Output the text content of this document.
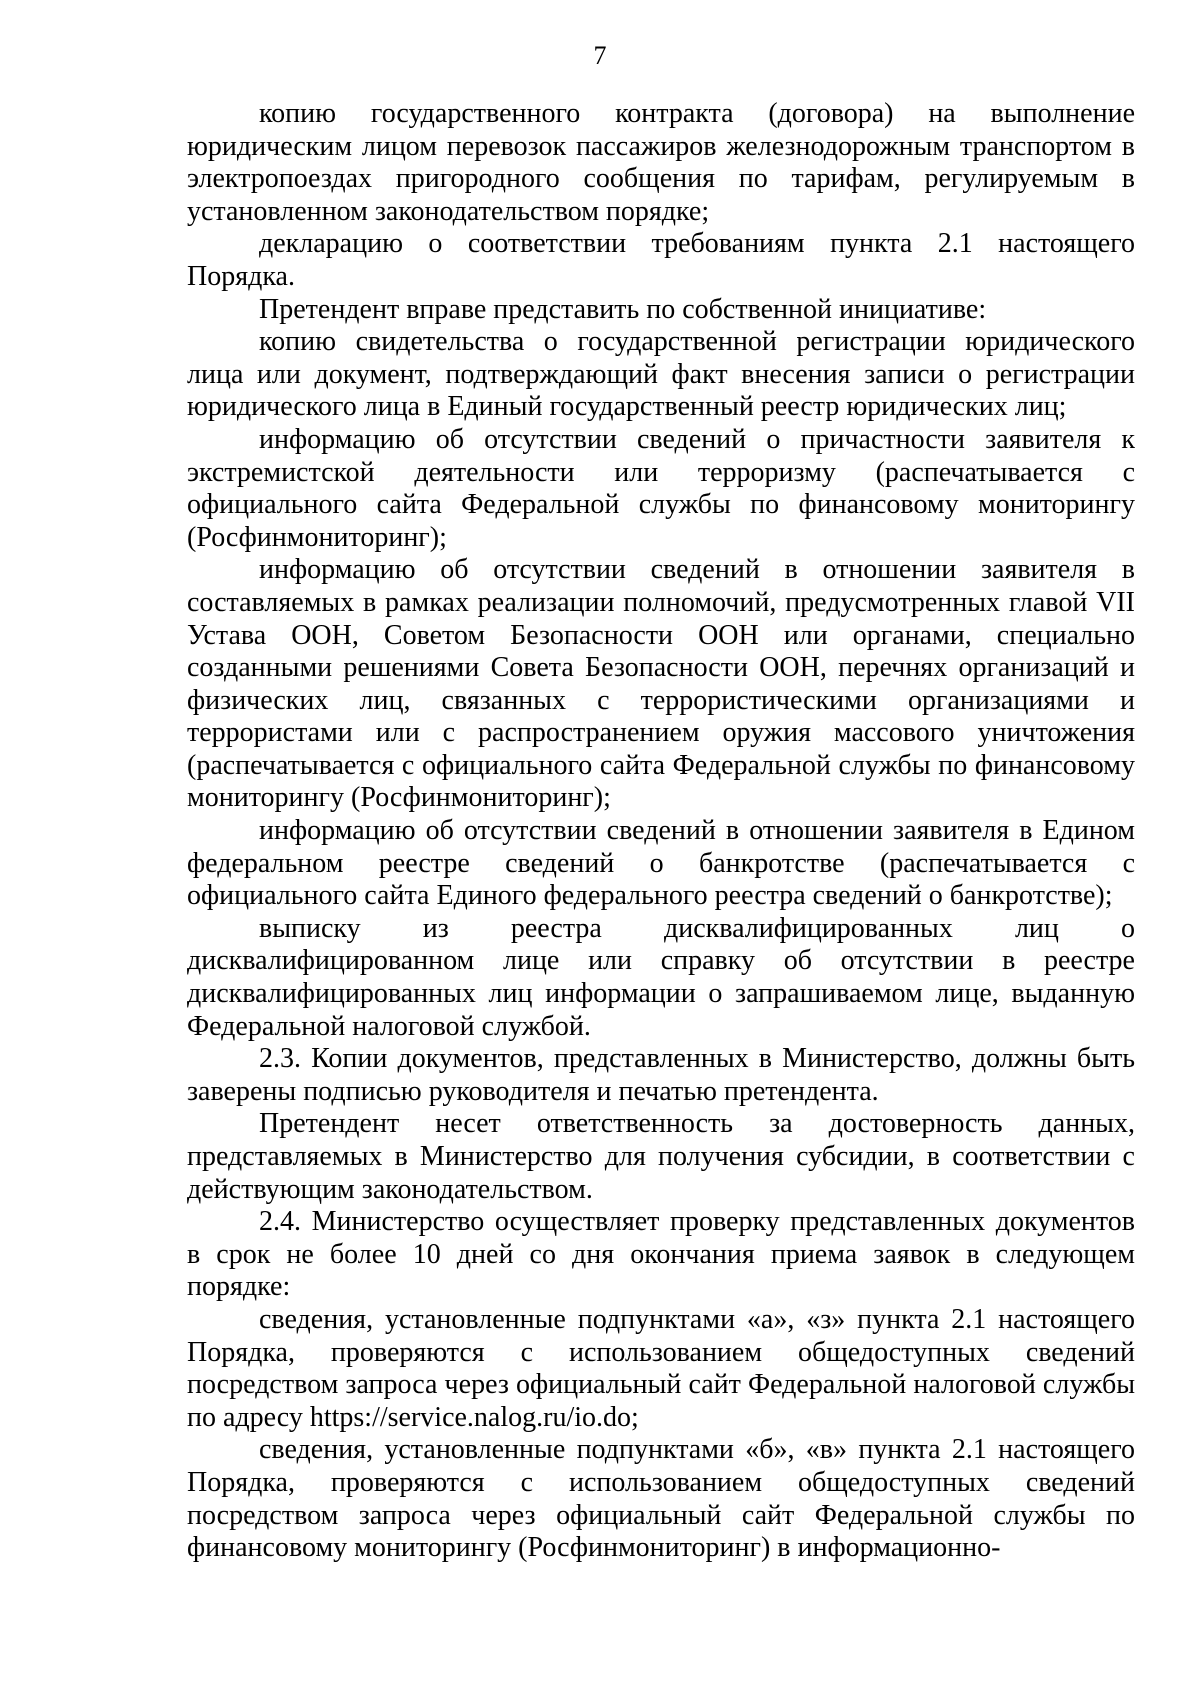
7

копию государственного контракта (договора) на выполнение юридическим лицом перевозок пассажиров железнодорожным транспортом в электропоездах пригородного сообщения по тарифам, регулируемым в установленном законодательством порядке;

декларацию о соответствии требованиям пункта 2.1 настоящего Порядка.

Претендент вправе представить по собственной инициативе:

копию свидетельства о государственной регистрации юридического лица или документ, подтверждающий факт внесения записи о регистрации юридического лица в Единый государственный реестр юридических лиц;

информацию об отсутствии сведений о причастности заявителя к экстремистской деятельности или терроризму (распечатывается с официального сайта Федеральной службы по финансовому мониторингу (Росфинмониторинг);

информацию об отсутствии сведений в отношении заявителя в составляемых в рамках реализации полномочий, предусмотренных главой VII Устава ООН, Советом Безопасности ООН или органами, специально созданными решениями Совета Безопасности ООН, перечнях организаций и физических лиц, связанных с террористическими организациями и террористами или с распространением оружия массового уничтожения (распечатывается с официального сайта Федеральной службы по финансовому мониторингу (Росфинмониторинг);

информацию об отсутствии сведений в отношении заявителя в Едином федеральном реестре сведений о банкротстве (распечатывается с официального сайта Единого федерального реестра сведений о банкротстве);

выписку из реестра дисквалифицированных лиц о дисквалифицированном лице или справку об отсутствии в реестре дисквалифицированных лиц информации о запрашиваемом лице, выданную Федеральной налоговой службой.

2.3. Копии документов, представленных в Министерство, должны быть заверены подписью руководителя и печатью претендента.

Претендент несет ответственность за достоверность данных, представляемых в Министерство для получения субсидии, в соответствии с действующим законодательством.

2.4. Министерство осуществляет проверку представленных документов в срок не более 10 дней со дня окончания приема заявок в следующем порядке:

сведения, установленные подпунктами «а», «з» пункта 2.1 настоящего Порядка, проверяются с использованием общедоступных сведений посредством запроса через официальный сайт Федеральной налоговой службы по адресу https://service.nalog.ru/io.do;

сведения, установленные подпунктами «б», «в» пункта 2.1 настоящего Порядка, проверяются с использованием общедоступных сведений посредством запроса через официальный сайт Федеральной службы по финансовому мониторингу (Росфинмониторинг) в информационно-
